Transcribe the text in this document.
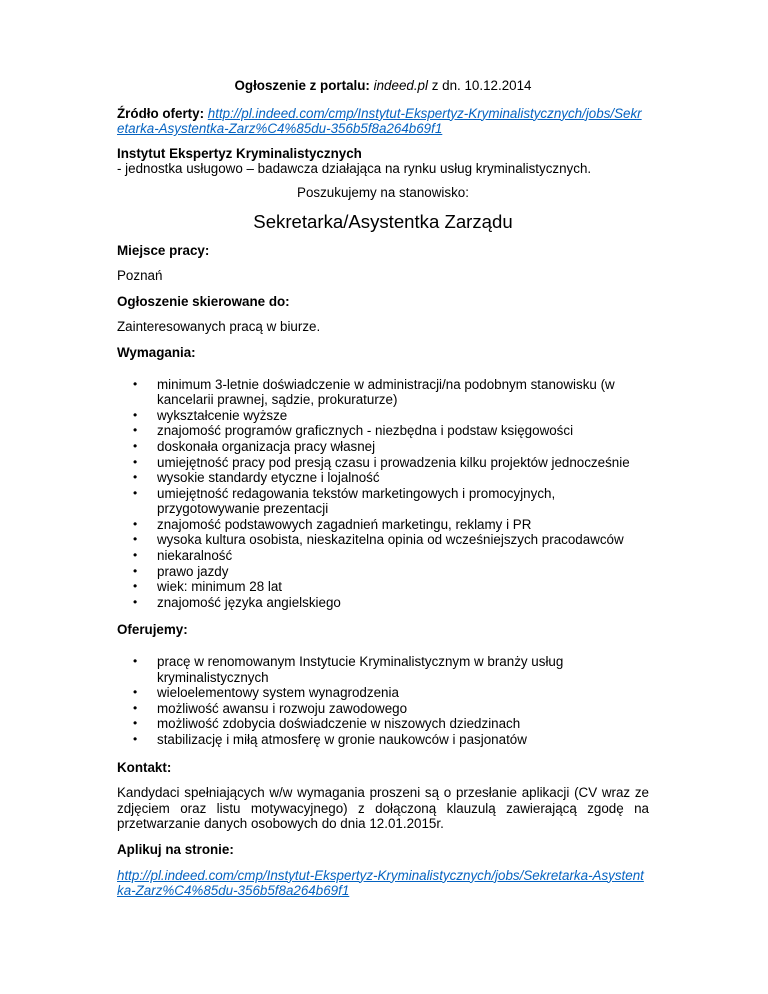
Ogłoszenie z portalu: indeed.pl z dn. 10.12.2014

Źródło oferty: http://pl.indeed.com/cmp/Instytut-Ekspertyz-Kryminalistycznych/jobs/Sekretarka-Asystentka-Zarz%C4%85du-356b5f8a264b69f1

Instytut Ekspertyz Kryminalistycznych
- jednostka usługowo – badawcza działająca na rynku usług kryminalistycznych.

Poszukujemy na stanowisko:

Sekretarka/Asystentka Zarządu

Miejsce pracy:

Poznań

Ogłoszenie skierowane do:

Zainteresowanych pracą w biurze.

Wymagania:

• minimum 3-letnie doświadczenie w administracji/na podobnym stanowisku (w kancelarii prawnej, sądzie, prokuraturze)
• wykształcenie wyższe
• znajomość programów graficznych - niezbędna i podstaw księgowości
• doskonała organizacja pracy własnej
• umiejętność pracy pod presją czasu i prowadzenia kilku projektów jednocześnie
• wysokie standardy etyczne i lojalność
• umiejętność redagowania tekstów marketingowych i promocyjnych, przygotowywanie prezentacji
• znajomość podstawowych zagadnień marketingu, reklamy i PR
• wysoka kultura osobista, nieskazitelna opinia od wcześniejszych pracodawców
• niekaralność
• prawo jazdy
• wiek: minimum 28 lat
• znajomość języka angielskiego

Oferujemy:

• pracę w renomowanym Instytucie Kryminalistycznym w branży usług kryminalistycznych
• wieloelementowy system wynagrodzenia
• możliwość awansu i rozwoju zawodowego
• możliwość zdobycia doświadczenie w niszowych dziedzinach
• stabilizację i miłą atmosferę w gronie naukowców i pasjonatów

Kontakt:

Kandydaci spełniających w/w wymagania proszeni są o przesłanie aplikacji (CV wraz ze zdjęciem oraz listu motywacyjnego) z dołączoną klauzulą zawierającą zgodę na przetwarzanie danych osobowych do dnia 12.01.2015r.

Aplikuj na stronie:

http://pl.indeed.com/cmp/Instytut-Ekspertyz-Kryminalistycznych/jobs/Sekretarka-Asystentka-Zarz%C4%85du-356b5f8a264b69f1
